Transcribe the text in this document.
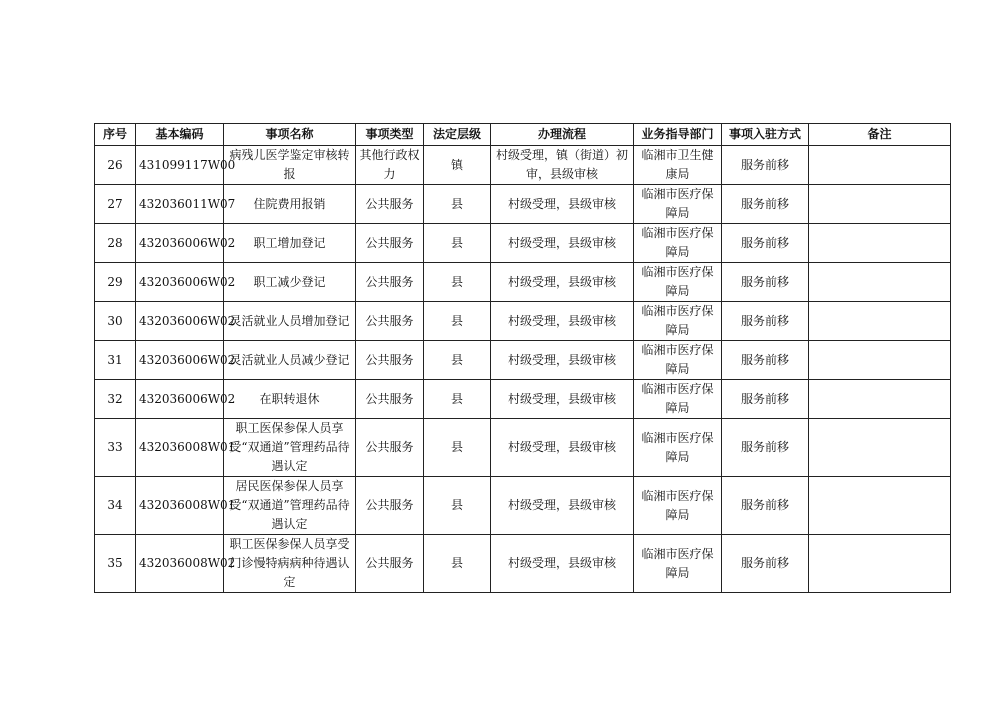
序号	基本编码	事项名称	事项类型	法定层级	办理流程	业务指导部门	事项入驻方式	备注
26	431099117W00	病残儿医学鉴定审核转报	其他行政权力	镇	村级受理，镇（街道）初审，县级审核	临湘市卫生健康局	服务前移	
27	432036011W07	住院费用报销	公共服务	县	村级受理，县级审核	临湘市医疗保障局	服务前移	
28	432036006W02	职工增加登记	公共服务	县	村级受理，县级审核	临湘市医疗保障局	服务前移	
29	432036006W02	职工减少登记	公共服务	县	村级受理，县级审核	临湘市医疗保障局	服务前移	
30	432036006W02	灵活就业人员增加登记	公共服务	县	村级受理，县级审核	临湘市医疗保障局	服务前移	
31	432036006W02	灵活就业人员减少登记	公共服务	县	村级受理，县级审核	临湘市医疗保障局	服务前移	
32	432036006W02	在职转退休	公共服务	县	村级受理，县级审核	临湘市医疗保障局	服务前移	
33	432036008W01	职工医保参保人员享受“双通道”管理药品待遇认定	公共服务	县	村级受理，县级审核	临湘市医疗保障局	服务前移	
34	432036008W01	居民医保参保人员享受“双通道”管理药品待遇认定	公共服务	县	村级受理，县级审核	临湘市医疗保障局	服务前移	
35	432036008W02	职工医保参保人员享受门诊慢特病病种待遇认定	公共服务	县	村级受理，县级审核	临湘市医疗保障局	服务前移	
